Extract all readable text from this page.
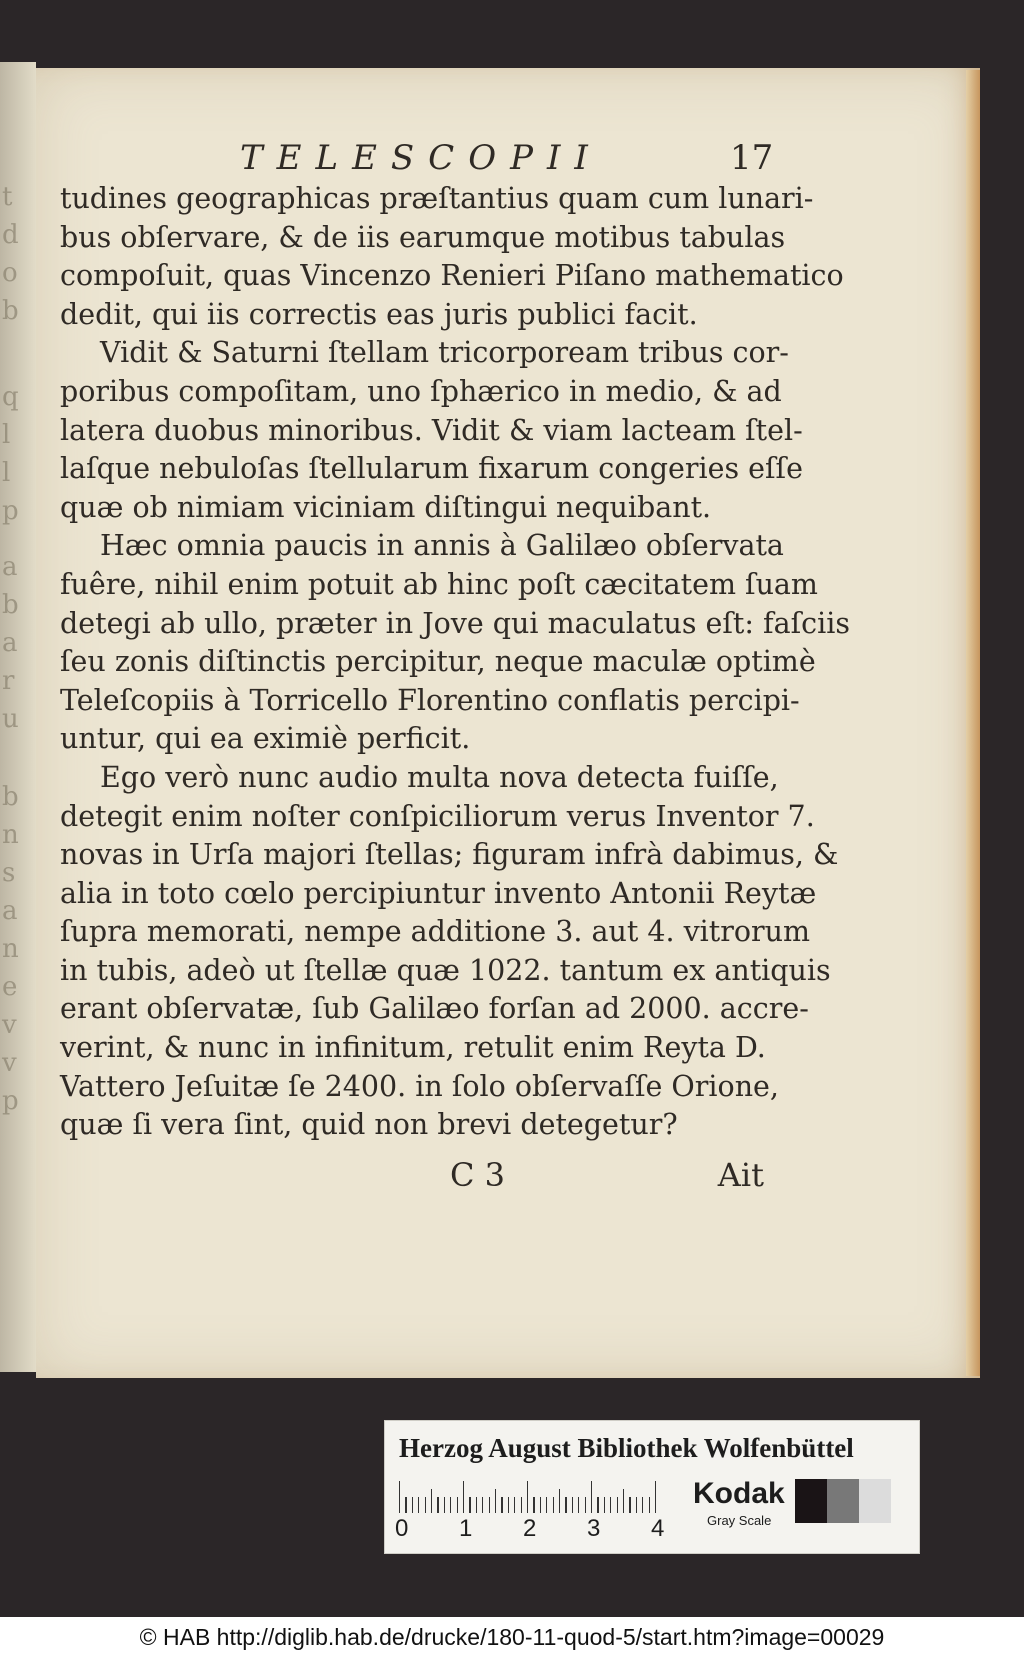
t
d
o
b
q
l
l
p
a
b
a
r
u
b
n
s
a
n
e
v
v
p
TELESCOPII	17
tudines geographicas præſtantius quam cum lunari-
bus obſervare, & de iis earumque motibus tabulas
compoſuit, quas Vincenzo Renieri Piſano mathematico
dedit, qui iis correctis eas juris publici facit.
Vidit & Saturni ſtellam tricorpoream tribus cor-
poribus compoſitam, uno ſphærico in medio, & ad
latera duobus minoribus. Vidit & viam lacteam ſtel-
laſque nebuloſas ſtellularum fixarum congeries eſſe
quæ ob nimiam viciniam diſtingui nequibant.
Hæc omnia paucis in annis à Galilæo obſervata
fuêre, nihil enim potuit ab hinc poſt cæcitatem ſuam
detegi ab ullo, præter in Jove qui maculatus eſt: faſciis
ſeu zonis diſtinctis percipitur, neque maculæ optimè
Teleſcopiis à Torricello Florentino conflatis percipi-
untur, qui ea eximiè perficit.
Ego verò nunc audio multa nova detecta fuiſſe,
detegit enim noſter conſpiciliorum verus Inventor 7.
novas in Urſa majori ſtellas; figuram infrà dabimus, &
alia in toto cœlo percipiuntur invento Antonii Reytæ
ſupra memorati, nempe additione 3. aut 4. vitrorum
in tubis, adeò ut ſtellæ quæ 1022. tantum ex antiquis
erant obſervatæ, ſub Galilæo forſan ad 2000. accre-
verint, & nunc in infinitum, retulit enim Reyta D.
Vattero Jeſuitæ ſe 2400. in ſolo obſervaſſe Orione,
quæ ſi vera ſint, quid non brevi detegetur?
C 3	Ait
Herzog August Bibliothek Wolfenbüttel
0 1 2 3 4
Kodak
Gray Scale
© HAB http://diglib.hab.de/drucke/180-11-quod-5/start.htm?image=00029
